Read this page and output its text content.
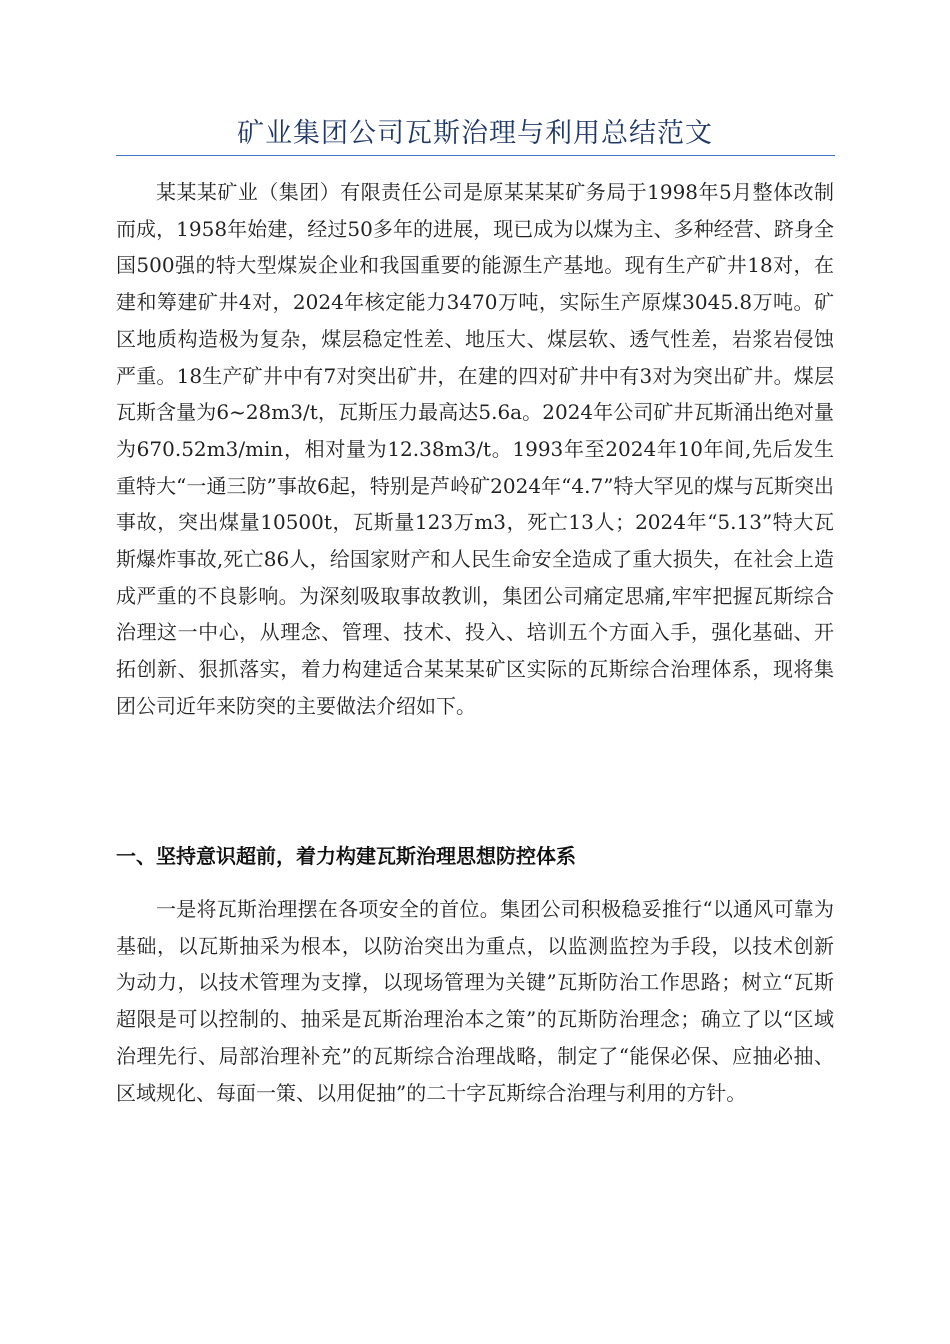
矿业集团公司瓦斯治理与利用总结范文

某某某矿业（集团）有限责任公司是原某某某矿务局于1998年5月整体改制而成，1958年始建，经过50多年的进展，现已成为以煤为主、多种经营、跻身全国500强的特大型煤炭企业和我国重要的能源生产基地。现有生产矿井18对，在建和筹建矿井4对，2024年核定能力3470万吨，实际生产原煤3045.8万吨。矿区地质构造极为复杂，煤层稳定性差、地压大、煤层软、透气性差，岩浆岩侵蚀严重。18生产矿井中有7对突出矿井，在建的四对矿井中有3对为突出矿井。煤层瓦斯含量为6~28m3/t，瓦斯压力最高达5.6a。2024年公司矿井瓦斯涌出绝对量为670.52m3/min，相对量为12.38m3/t。1993年至2024年10年间,先后发生重特大“一通三防”事故6起，特别是芦岭矿2024年“4.7”特大罕见的煤与瓦斯突出事故，突出煤量10500t，瓦斯量123万m3，死亡13人；2024年“5.13”特大瓦斯爆炸事故,死亡86人，给国家财产和人民生命安全造成了重大损失，在社会上造成严重的不良影响。为深刻吸取事故教训，集团公司痛定思痛,牢牢把握瓦斯综合治理这一中心，从理念、管理、技术、投入、培训五个方面入手，强化基础、开拓创新、狠抓落实，着力构建适合某某某矿区实际的瓦斯综合治理体系，现将集团公司近年来防突的主要做法介绍如下。

一、坚持意识超前，着力构建瓦斯治理思想防控体系

一是将瓦斯治理摆在各项安全的首位。集团公司积极稳妥推行“以通风可靠为基础，以瓦斯抽采为根本，以防治突出为重点，以监测监控为手段，以技术创新为动力，以技术管理为支撑，以现场管理为关键”瓦斯防治工作思路；树立“瓦斯超限是可以控制的、抽采是瓦斯治理治本之策”的瓦斯防治理念；确立了以“区域治理先行、局部治理补充”的瓦斯综合治理战略，制定了“能保必保、应抽必抽、区域规化、每面一策、以用促抽”的二十字瓦斯综合治理与利用的方针。
